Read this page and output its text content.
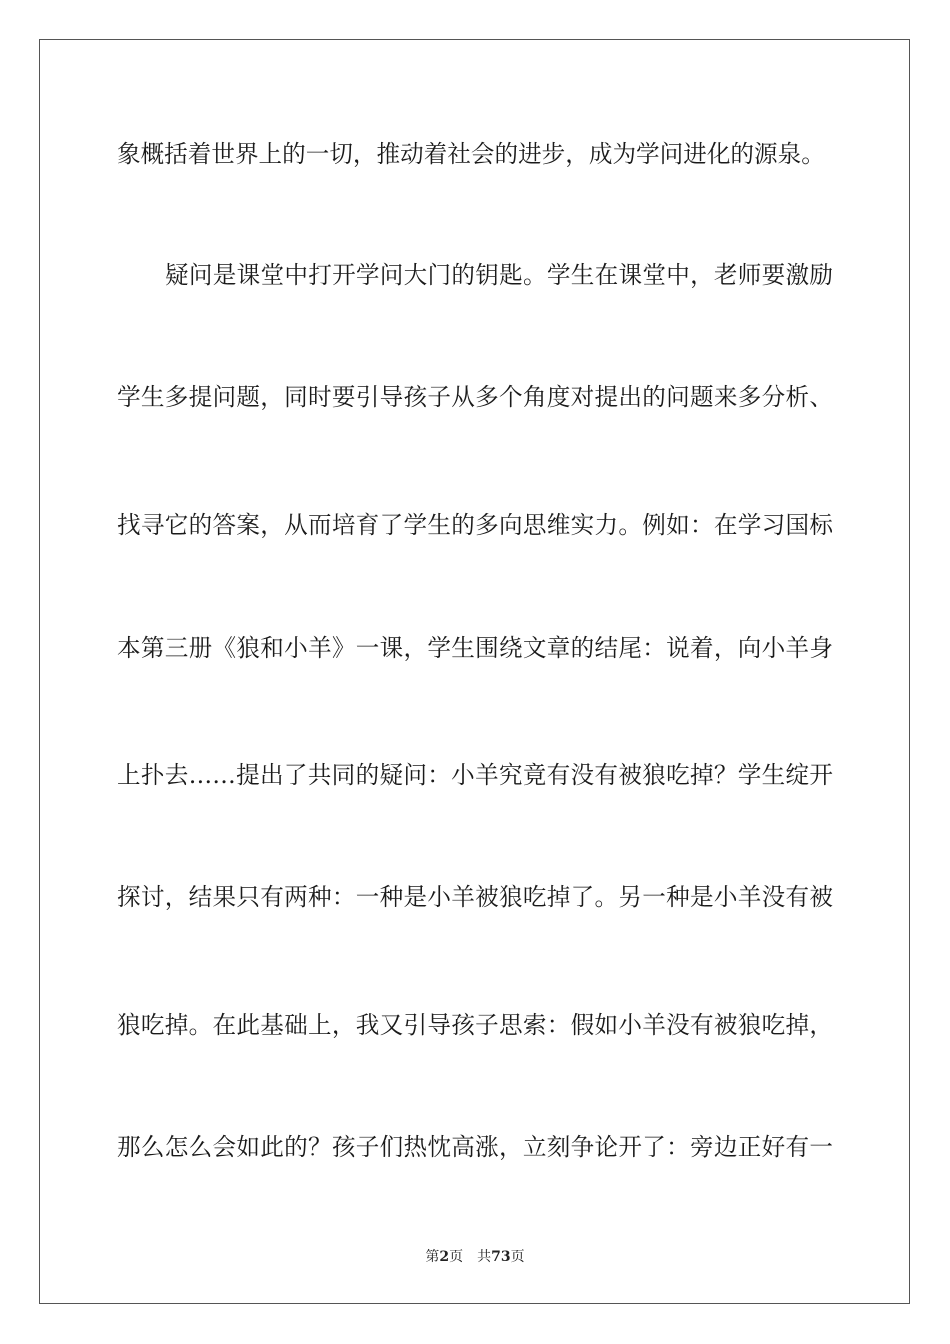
象概括着世界上的一切，推动着社会的进步，成为学问进化的源泉。
疑问是课堂中打开学问大门的钥匙。学生在课堂中，老师要激励
学生多提问题，同时要引导孩子从多个角度对提出的问题来多分析、
找寻它的答案，从而培育了学生的多向思维实力。例如：在学习国标
本第三册《狼和小羊》一课，学生围绕文章的结尾：说着，向小羊身
上扑去……提出了共同的疑问：小羊究竟有没有被狼吃掉？学生绽开
探讨，结果只有两种：一种是小羊被狼吃掉了。另一种是小羊没有被
狼吃掉。在此基础上，我又引导孩子思索：假如小羊没有被狼吃掉，
那么怎么会如此的？孩子们热忱高涨，立刻争论开了：旁边正好有一
第2页 共73页
